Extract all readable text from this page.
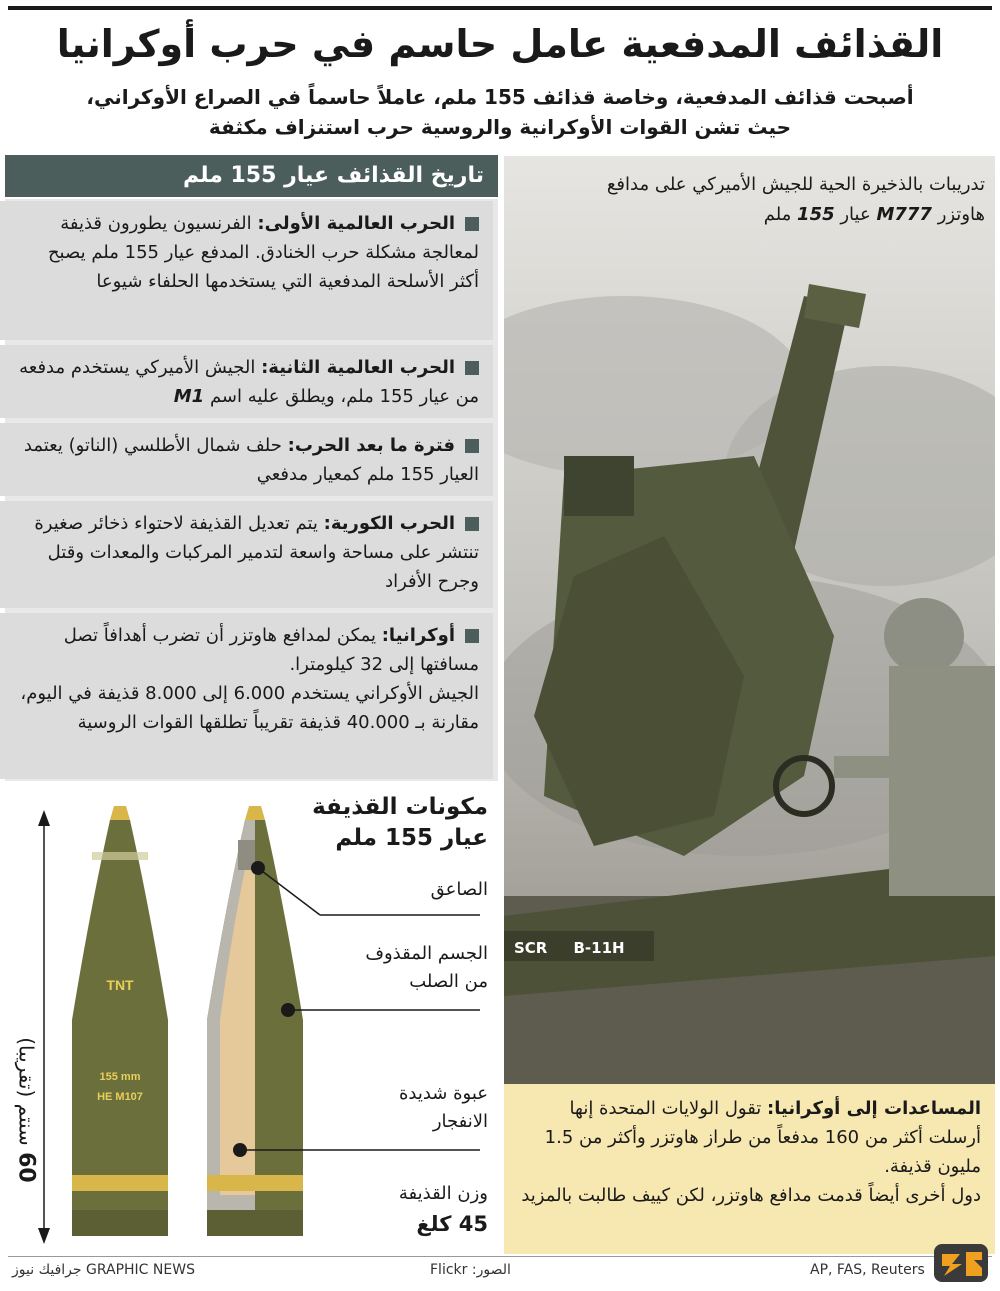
القذائف المدفعية عامل حاسم في حرب أوكرانيا
أصبحت قذائف المدفعية، وخاصة قذائف 155 ملم، عاملاً حاسماً في الصراع الأوكراني،
حيث تشن القوات الأوكرانية والروسية حرب استنزاف مكثفة
تاريخ القذائف عيار 155 ملم
الحرب العالمية الأولى: الفرنسيون يطورون قذيفة لمعالجة مشكلة حرب الخنادق. المدفع عيار 155 ملم يصبح أكثر الأسلحة المدفعية التي يستخدمها الحلفاء شيوعا
الحرب العالمية الثانية: الجيش الأميركي يستخدم مدفعه من عيار 155 ملم، ويطلق عليه اسم M1
فترة ما بعد الحرب: حلف شمال الأطلسي (الناتو) يعتمد العيار 155 ملم كمعيار مدفعي
الحرب الكورية: يتم تعديل القذيفة لاحتواء ذخائر صغيرة تنتشر على مساحة واسعة لتدمير المركبات والمعدات وقتل وجرح الأفراد
أوكرانيا: يمكن لمدافع هاوتزر أن تضرب أهدافاً تصل مسافتها إلى 32 كيلومترا.
الجيش الأوكراني يستخدم 6.000 إلى 8.000 قذيفة في اليوم، مقارنة بـ 40.000 قذيفة تقريباً تطلقها القوات الروسية
تدريبات بالذخيرة الحية للجيش الأميركي على مدافع
هاوتزر M777 عيار 155 ملم
SCR     B-11H
المساعدات إلى أوكرانيا: تقول الولايات المتحدة إنها أرسلت أكثر من 160 مدفعاً من طراز هاوتزر وأكثر من 1.5 مليون قذيفة.
دول أخرى أيضاً قدمت مدافع هاوتزر، لكن كييف طالبت بالمزيد
مكونات القذيفة
عيار 155 ملم
الصاعق
الجسم المقذوف
من الصلب
عبوة شديدة
الانفجار
وزن القذيفة
45 كلغ
TNT
155 mm
HE M107
60 سنتم (تقريبا)
GRAPHIC NEWS جرافيك نيوز	الصور: Flickr	AP, FAS, Reuters
